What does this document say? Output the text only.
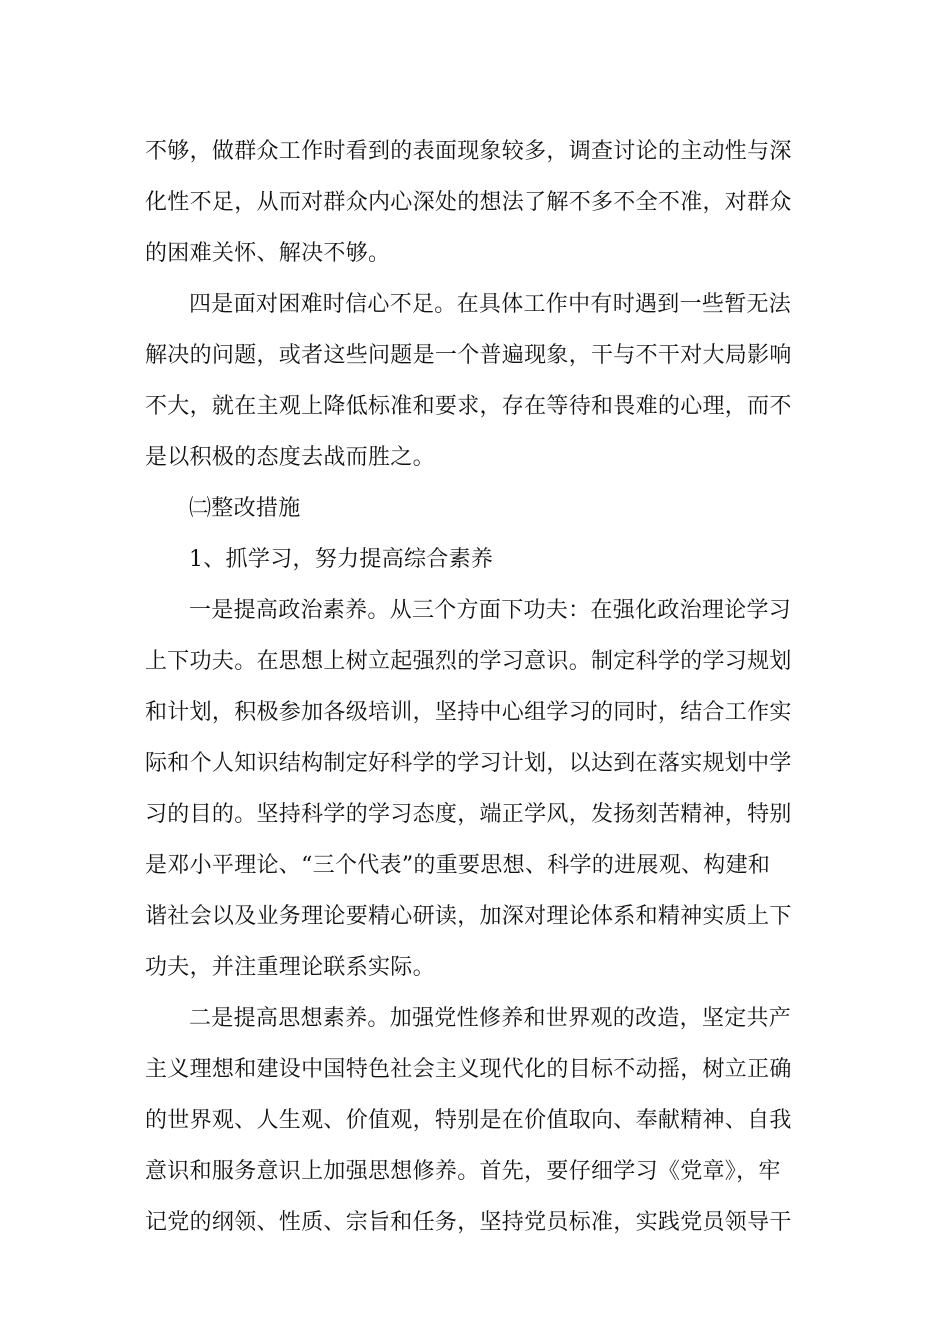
不够，做群众工作时看到的表面现象较多，调查讨论的主动性与深
化性不足，从而对群众内心深处的想法了解不多不全不准，对群众
的困难关怀、解决不够。
四是面对困难时信心不足。在具体工作中有时遇到一些暂无法
解决的问题，或者这些问题是一个普遍现象，干与不干对大局影响
不大，就在主观上降低标准和要求，存在等待和畏难的心理，而不
是以积极的态度去战而胜之。
㈡整改措施
1、抓学习，努力提高综合素养
一是提高政治素养。从三个方面下功夫：在强化政治理论学习
上下功夫。在思想上树立起强烈的学习意识。制定科学的学习规划
和计划，积极参加各级培训，坚持中心组学习的同时，结合工作实
际和个人知识结构制定好科学的学习计划，以达到在落实规划中学
习的目的。坚持科学的学习态度，端正学风，发扬刻苦精神，特别
是邓小平理论、“三个代表”的重要思想、科学的进展观、构建和
谐社会以及业务理论要精心研读，加深对理论体系和精神实质上下
功夫，并注重理论联系实际。
二是提高思想素养。加强党性修养和世界观的改造，坚定共产
主义理想和建设中国特色社会主义现代化的目标不动摇，树立正确
的世界观、人生观、价值观，特别是在价值取向、奉献精神、自我
意识和服务意识上加强思想修养。首先，要仔细学习《党章》，牢
记党的纲领、性质、宗旨和任务，坚持党员标准，实践党员领导干
